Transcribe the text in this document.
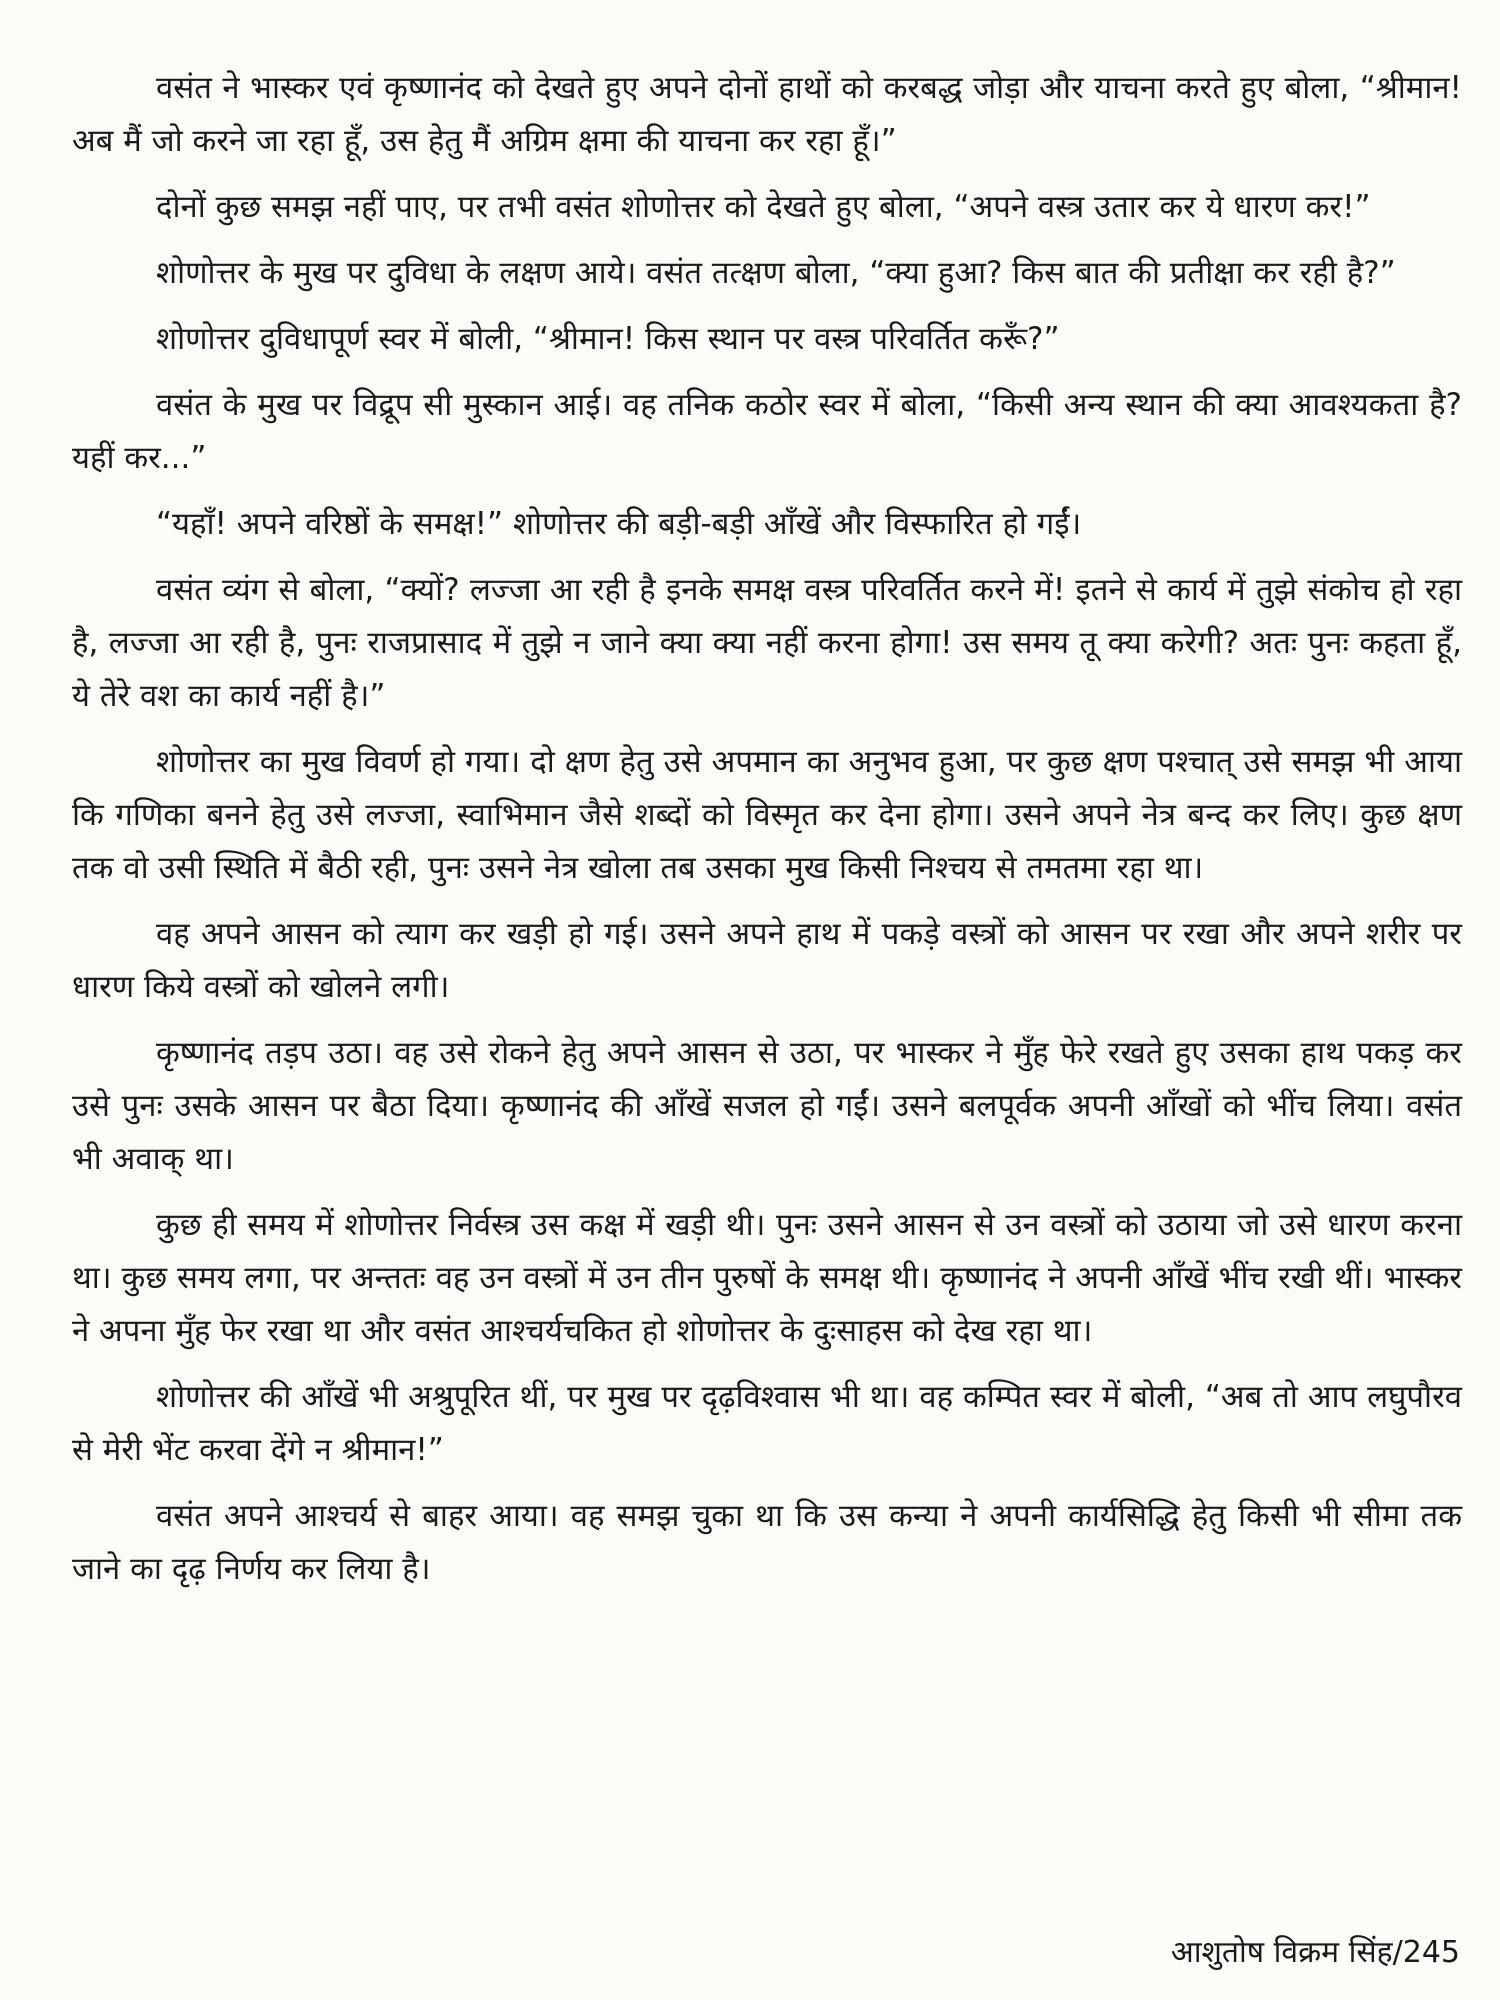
वसंत ने भास्कर एवं कृष्णानंद को देखते हुए अपने दोनों हाथों को करबद्ध जोड़ा और याचना करते हुए बोला, “श्रीमान! अब मैं जो करने जा रहा हूँ, उस हेतु मैं अग्रिम क्षमा की याचना कर रहा हूँ।”

दोनों कुछ समझ नहीं पाए, पर तभी वसंत शोणोत्तर को देखते हुए बोला, “अपने वस्त्र उतार कर ये धारण कर!”

शोणोत्तर के मुख पर दुविधा के लक्षण आये। वसंत तत्क्षण बोला, “क्या हुआ? किस बात की प्रतीक्षा कर रही है?”

शोणोत्तर दुविधापूर्ण स्वर में बोली, “श्रीमान! किस स्थान पर वस्त्र परिवर्तित करूँ?”

वसंत के मुख पर विद्रूप सी मुस्कान आई। वह तनिक कठोर स्वर में बोला, “किसी अन्य स्थान की क्या आवश्यकता है? यहीं कर...”

“यहाँ! अपने वरिष्ठों के समक्ष!” शोणोत्तर की बड़ी-बड़ी आँखें और विस्फारित हो गईं।

वसंत व्यंग से बोला, “क्यों? लज्जा आ रही है इनके समक्ष वस्त्र परिवर्तित करने में! इतने से कार्य में तुझे संकोच हो रहा है, लज्जा आ रही है, पुनः राजप्रासाद में तुझे न जाने क्या क्या नहीं करना होगा! उस समय तू क्या करेगी? अतः पुनः कहता हूँ, ये तेरे वश का कार्य नहीं है।”

शोणोत्तर का मुख विवर्ण हो गया। दो क्षण हेतु उसे अपमान का अनुभव हुआ, पर कुछ क्षण पश्चात् उसे समझ भी आया कि गणिका बनने हेतु उसे लज्जा, स्वाभिमान जैसे शब्दों को विस्मृत कर देना होगा। उसने अपने नेत्र बन्द कर लिए। कुछ क्षण तक वो उसी स्थिति में बैठी रही, पुनः उसने नेत्र खोला तब उसका मुख किसी निश्चय से तमतमा रहा था।

वह अपने आसन को त्याग कर खड़ी हो गई। उसने अपने हाथ में पकड़े वस्त्रों को आसन पर रखा और अपने शरीर पर धारण किये वस्त्रों को खोलने लगी।

कृष्णानंद तड़प उठा। वह उसे रोकने हेतु अपने आसन से उठा, पर भास्कर ने मुँह फेरे रखते हुए उसका हाथ पकड़ कर उसे पुनः उसके आसन पर बैठा दिया। कृष्णानंद की आँखें सजल हो गईं। उसने बलपूर्वक अपनी आँखों को भींच लिया। वसंत भी अवाक् था।

कुछ ही समय में शोणोत्तर निर्वस्त्र उस कक्ष में खड़ी थी। पुनः उसने आसन से उन वस्त्रों को उठाया जो उसे धारण करना था। कुछ समय लगा, पर अन्ततः वह उन वस्त्रों में उन तीन पुरुषों के समक्ष थी। कृष्णानंद ने अपनी आँखें भींच रखी थीं। भास्कर ने अपना मुँह फेर रखा था और वसंत आश्चर्यचकित हो शोणोत्तर के दुःसाहस को देख रहा था।

शोणोत्तर की आँखें भी अश्रुपूरित थीं, पर मुख पर दृढ़विश्वास भी था। वह कम्पित स्वर में बोली, “अब तो आप लघुपौरव से मेरी भेंट करवा देंगे न श्रीमान!”

वसंत अपने आश्चर्य से बाहर आया। वह समझ चुका था कि उस कन्या ने अपनी कार्यसिद्धि हेतु किसी भी सीमा तक जाने का दृढ़ निर्णय कर लिया है।

आशुतोष विक्रम सिंह/245
